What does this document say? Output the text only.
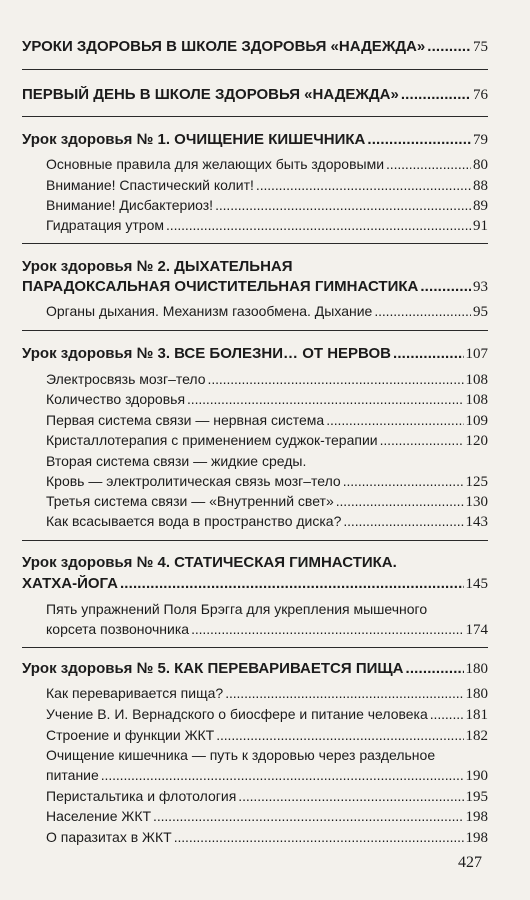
УРОКИ ЗДОРОВЬЯ В ШКОЛЕ ЗДОРОВЬЯ «НАДЕЖДА» . . .	75
ПЕРВЫЙ ДЕНЬ В ШКОЛЕ ЗДОРОВЬЯ «НАДЕЖДА» . . .	76
Урок здоровья № 1. ОЧИЩЕНИЕ КИШЕЧНИКА . . .	79
Основные правила для желающих быть здоровыми . . .	80
Внимание! Спастический колит! . . .	88
Внимание! Дисбактериоз! . . .	89
Гидратация утром . . .	91
Урок здоровья № 2. ДЫХАТЕЛЬНАЯ
ПАРАДОКСАЛЬНАЯ ОЧИСТИТЕЛЬНАЯ ГИМНАСТИКА . . .	93
Органы дыхания. Механизм газообмена. Дыхание . . .	95
Урок здоровья № 3. ВСЕ БОЛЕЗНИ… ОТ НЕРВОВ . . .	107
Электросвязь мозг–тело . . .	108
Количество здоровья . . .	108
Первая система связи — нервная система . . .	109
Кристаллотерапия с применением суджок-терапии . . .	120
Вторая система связи — жидкие среды.
Кровь — электролитическая связь мозг–тело . . .	125
Третья система связи — «Внутренний свет» . . .	130
Как всасывается вода в пространство диска? . . .	143
Урок здоровья № 4. СТАТИЧЕСКАЯ ГИМНАСТИКА.
ХАТХА-ЙОГА . . .	145
Пять упражнений Поля Брэгга для укрепления мышечного
корсета позвоночника . . .	174
Урок здоровья № 5. КАК ПЕРЕВАРИВАЕТСЯ ПИЩА . . .	180
Как переваривается пища? . . .	180
Учение В. И. Вернадского о биосфере и питание человека . . .	181
Строение и функции ЖКТ . . .	182
Очищение кишечника — путь к здоровью через раздельное
питание . . .	190
Перистальтика и флотология . . .	195
Население ЖКТ . . .	198
О паразитах в ЖКТ . . .	198
427
